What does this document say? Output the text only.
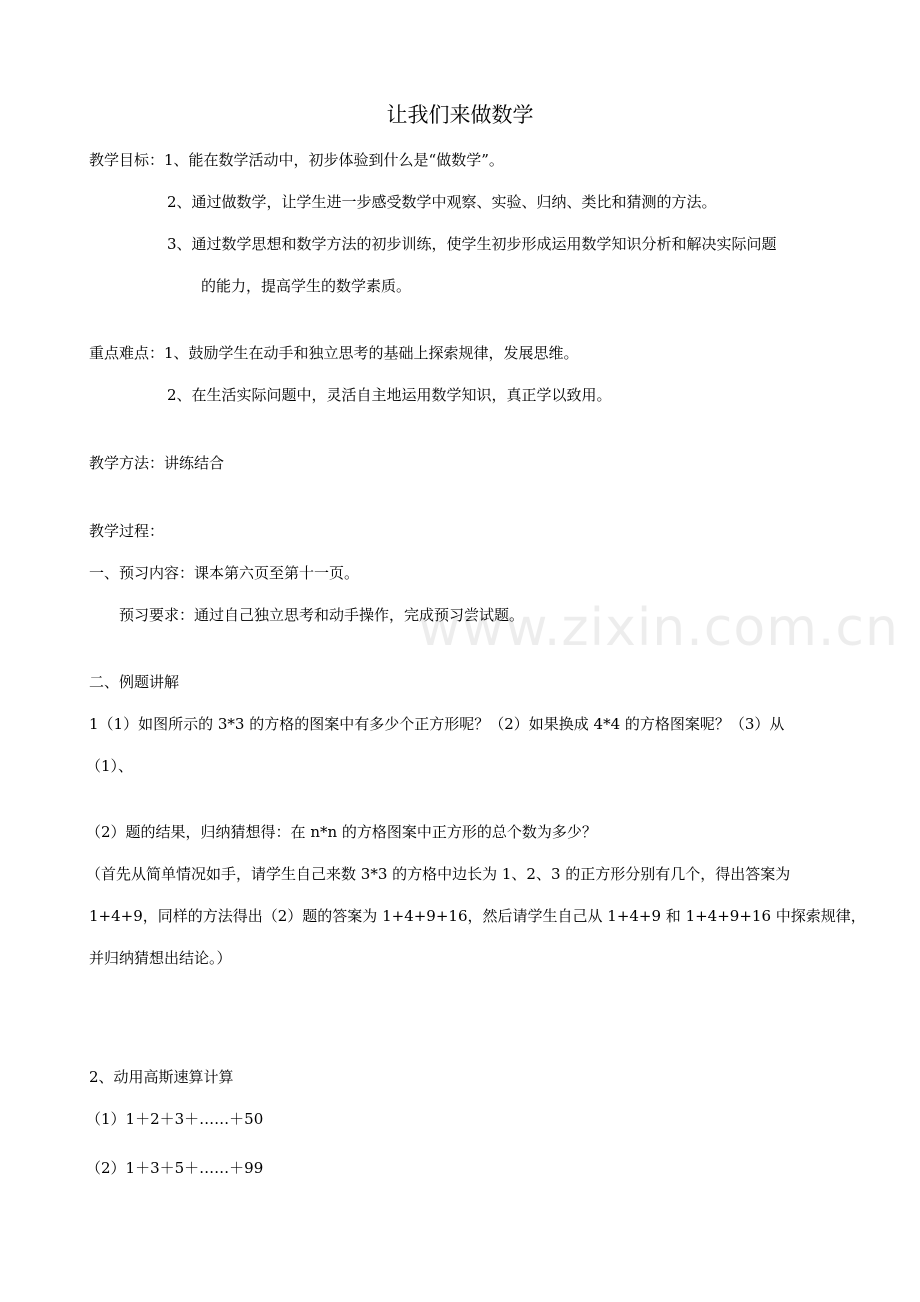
让我们来做数学
教学目标：1、能在数学活动中，初步体验到什么是“做数学”。
2、通过做数学，让学生进一步感受数学中观察、实验、归纳、类比和猜测的方法。
3、通过数学思想和数学方法的初步训练，使学生初步形成运用数学知识分析和解决实际问题
的能力，提高学生的数学素质。
重点难点：1、鼓励学生在动手和独立思考的基础上探索规律，发展思维。
2、在生活实际问题中，灵活自主地运用数学知识，真正学以致用。
教学方法：讲练结合
教学过程：
一、预习内容：课本第六页至第十一页。
预习要求：通过自己独立思考和动手操作，完成预习尝试题。
二、例题讲解
1（1）如图所示的 3*3 的方格的图案中有多少个正方形呢？（2）如果换成 4*4 的方格图案呢？（3）从
（1）、
（2）题的结果，归纳猜想得：在 n*n 的方格图案中正方形的总个数为多少？
（首先从简单情况如手，请学生自己来数 3*3 的方格中边长为 1、2、3 的正方形分别有几个，得出答案为
1+4+9，同样的方法得出（2）题的答案为 1+4+9+16，然后请学生自己从 1+4+9 和 1+4+9+16 中探索规律，
并归纳猜想出结论。）
2、动用高斯速算计算
（1）1＋2＋3＋……＋50
（2）1＋3＋5＋……＋99
www.zixin.com.cn
